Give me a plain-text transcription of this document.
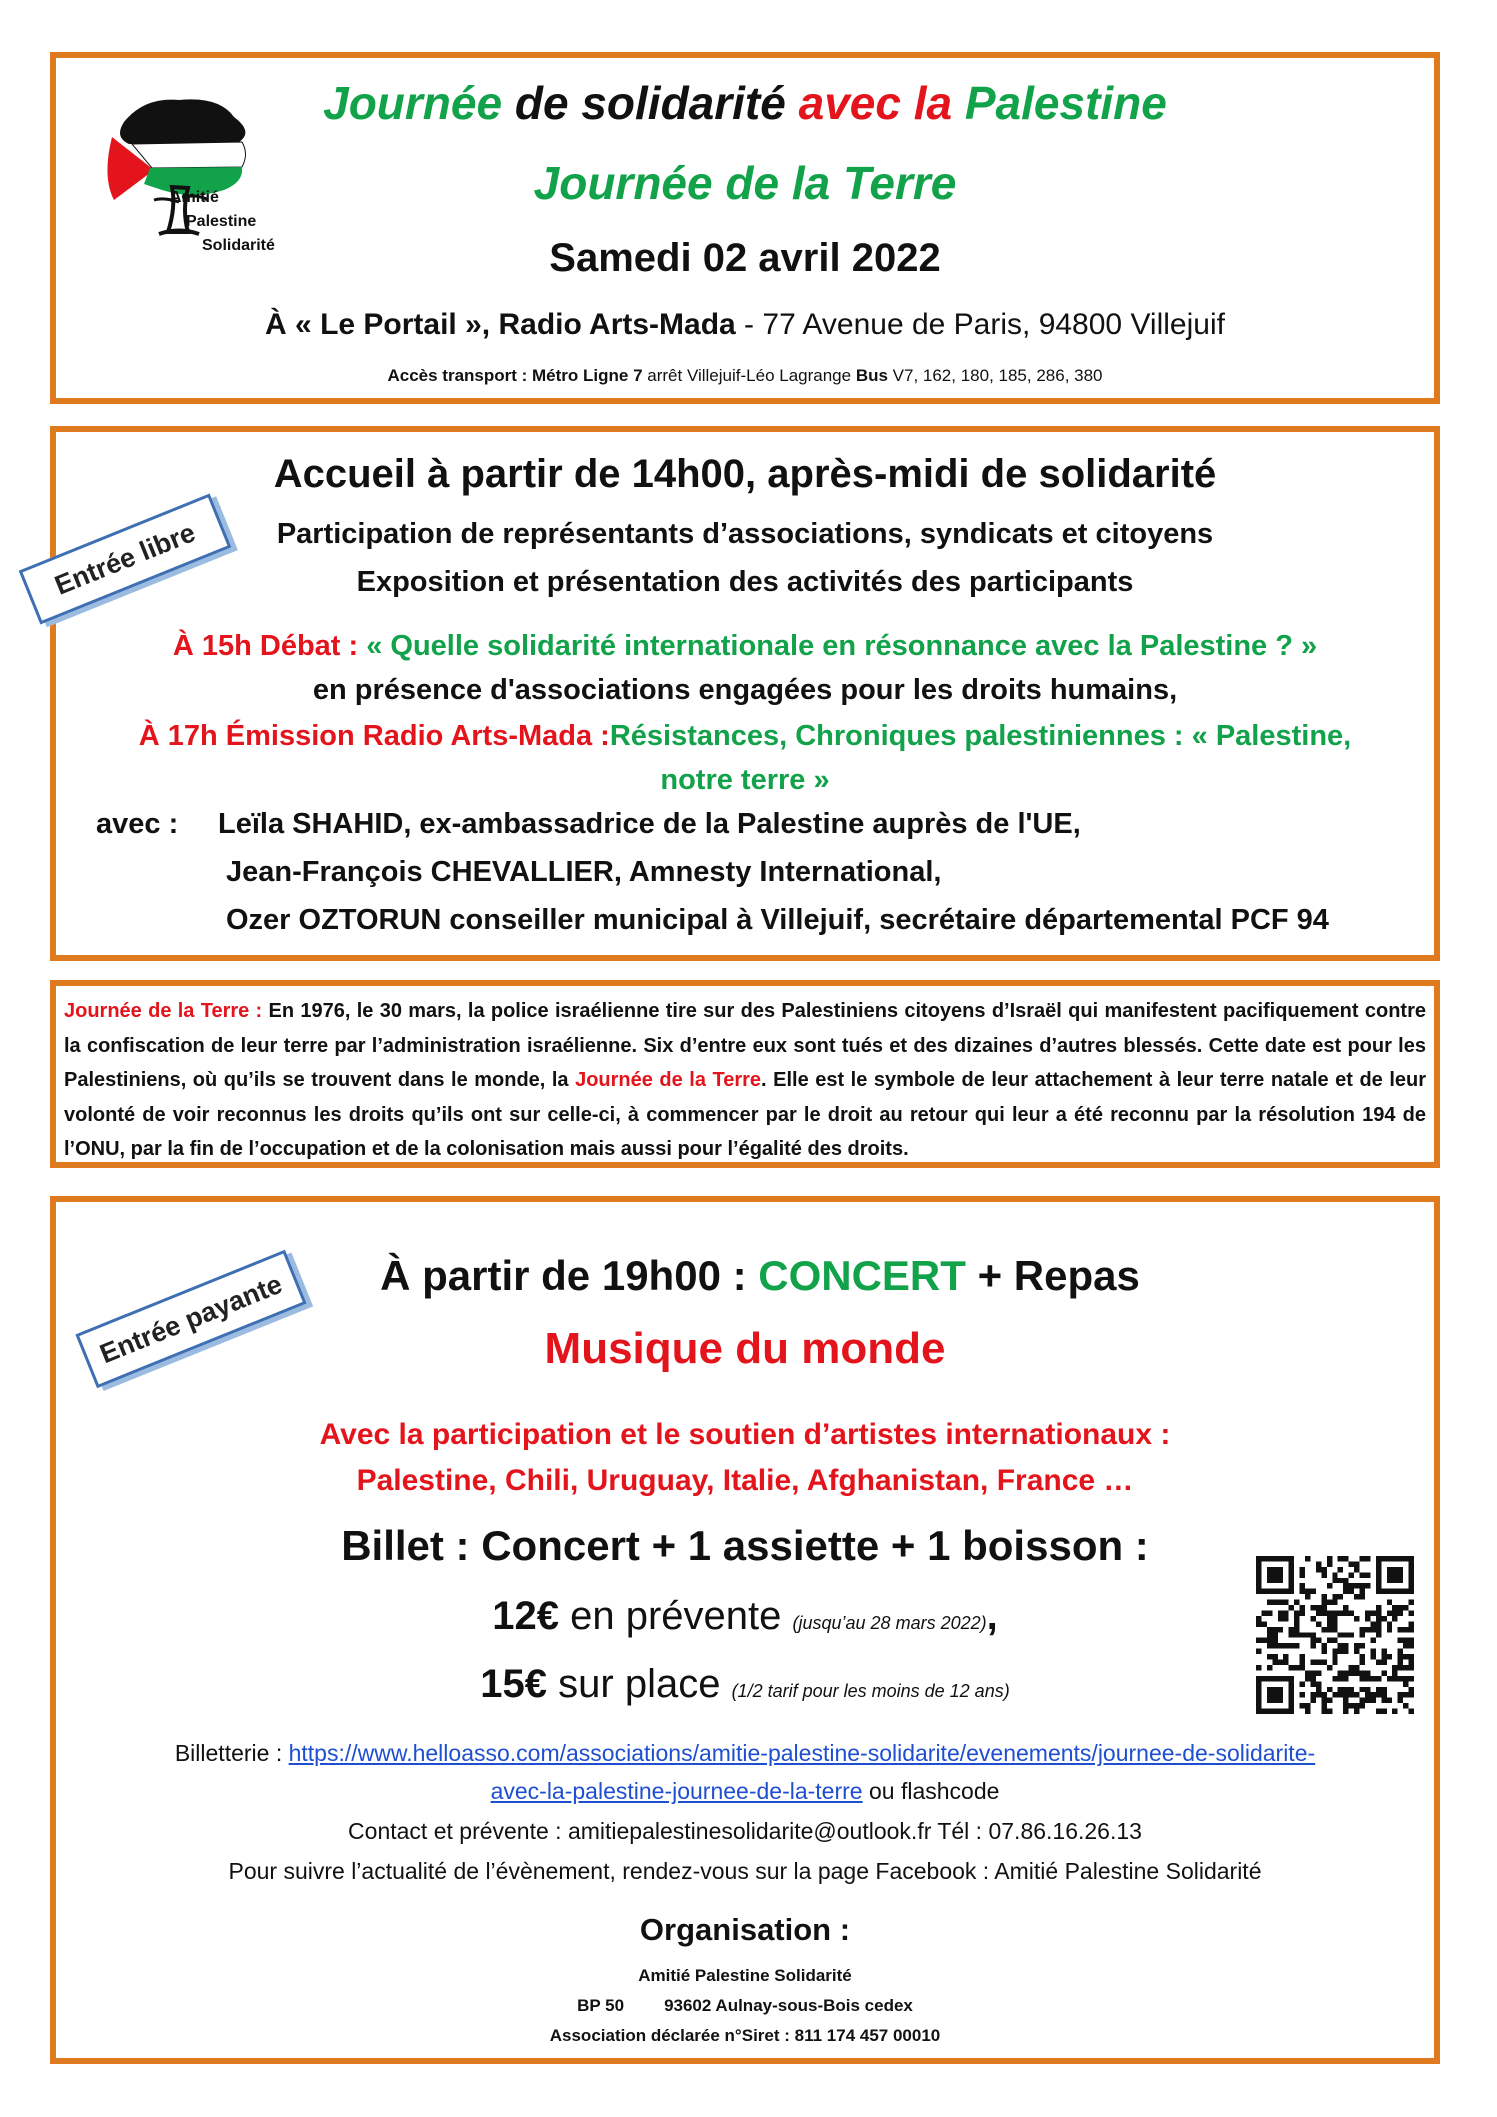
Amitié
Palestine
Solidarité
Journée de solidarité avec la Palestine
Journée de la Terre
Samedi 02 avril 2022
À « Le Portail », Radio Arts-Mada - 77 Avenue de Paris, 94800 Villejuif
Accès transport : Métro Ligne 7 arrêt Villejuif-Léo Lagrange Bus V7, 162, 180, 185, 286, 380
Accueil à partir de 14h00, après-midi de solidarité
Participation de représentants d’associations, syndicats et citoyens
Exposition et présentation des activités des participants
À 15h Débat : « Quelle solidarité internationale en résonnance avec la Palestine ? »
en présence d'associations engagées pour les droits humains,
À 17h Émission Radio Arts-Mada :Résistances, Chroniques palestiniennes : « Palestine,
notre terre »
avec : Leïla SHAHID, ex-ambassadrice de la Palestine auprès de l'UE,
Jean-François CHEVALLIER, Amnesty International,
Ozer OZTORUN conseiller municipal à Villejuif, secrétaire départemental PCF 94
Entrée libre
Journée de la Terre : En 1976, le 30 mars, la police israélienne tire sur des Palestiniens citoyens d’Israël qui manifestent pacifiquement contre la confiscation de leur terre par l’administration israélienne. Six d’entre eux sont tués et des dizaines d’autres blessés. Cette date est pour les Palestiniens, où qu’ils se trouvent dans le monde, la Journée de la Terre. Elle est le symbole de leur attachement à leur terre natale et de leur volonté de voir reconnus les droits qu’ils ont sur celle-ci, à commencer par le droit au retour qui leur a été reconnu par la résolution 194 de l’ONU, par la fin de l’occupation et de la colonisation mais aussi pour l’égalité des droits.
À partir de 19h00 : CONCERT + Repas
Musique du monde
Avec la participation et le soutien d’artistes internationaux :
Palestine, Chili, Uruguay, Italie, Afghanistan, France …
Billet : Concert + 1 assiette + 1 boisson :
12€ en prévente (jusqu’au 28 mars 2022),
15€ sur place (1/2 tarif pour les moins de 12 ans)
Billetterie : https://www.helloasso.com/associations/amitie-palestine-solidarite/evenements/journee-de-solidarite-
avec-la-palestine-journee-de-la-terre ou flashcode
Contact et prévente : amitiepalestinesolidarite@outlook.fr Tél : 07.86.16.26.13
Pour suivre l’actualité de l’évènement, rendez-vous sur la page Facebook : Amitié Palestine Solidarité
Organisation :
Amitié Palestine Solidarité
BP 50 93602 Aulnay-sous-Bois cedex
Association déclarée n°Siret : 811 174 457 00010
Entrée payante
